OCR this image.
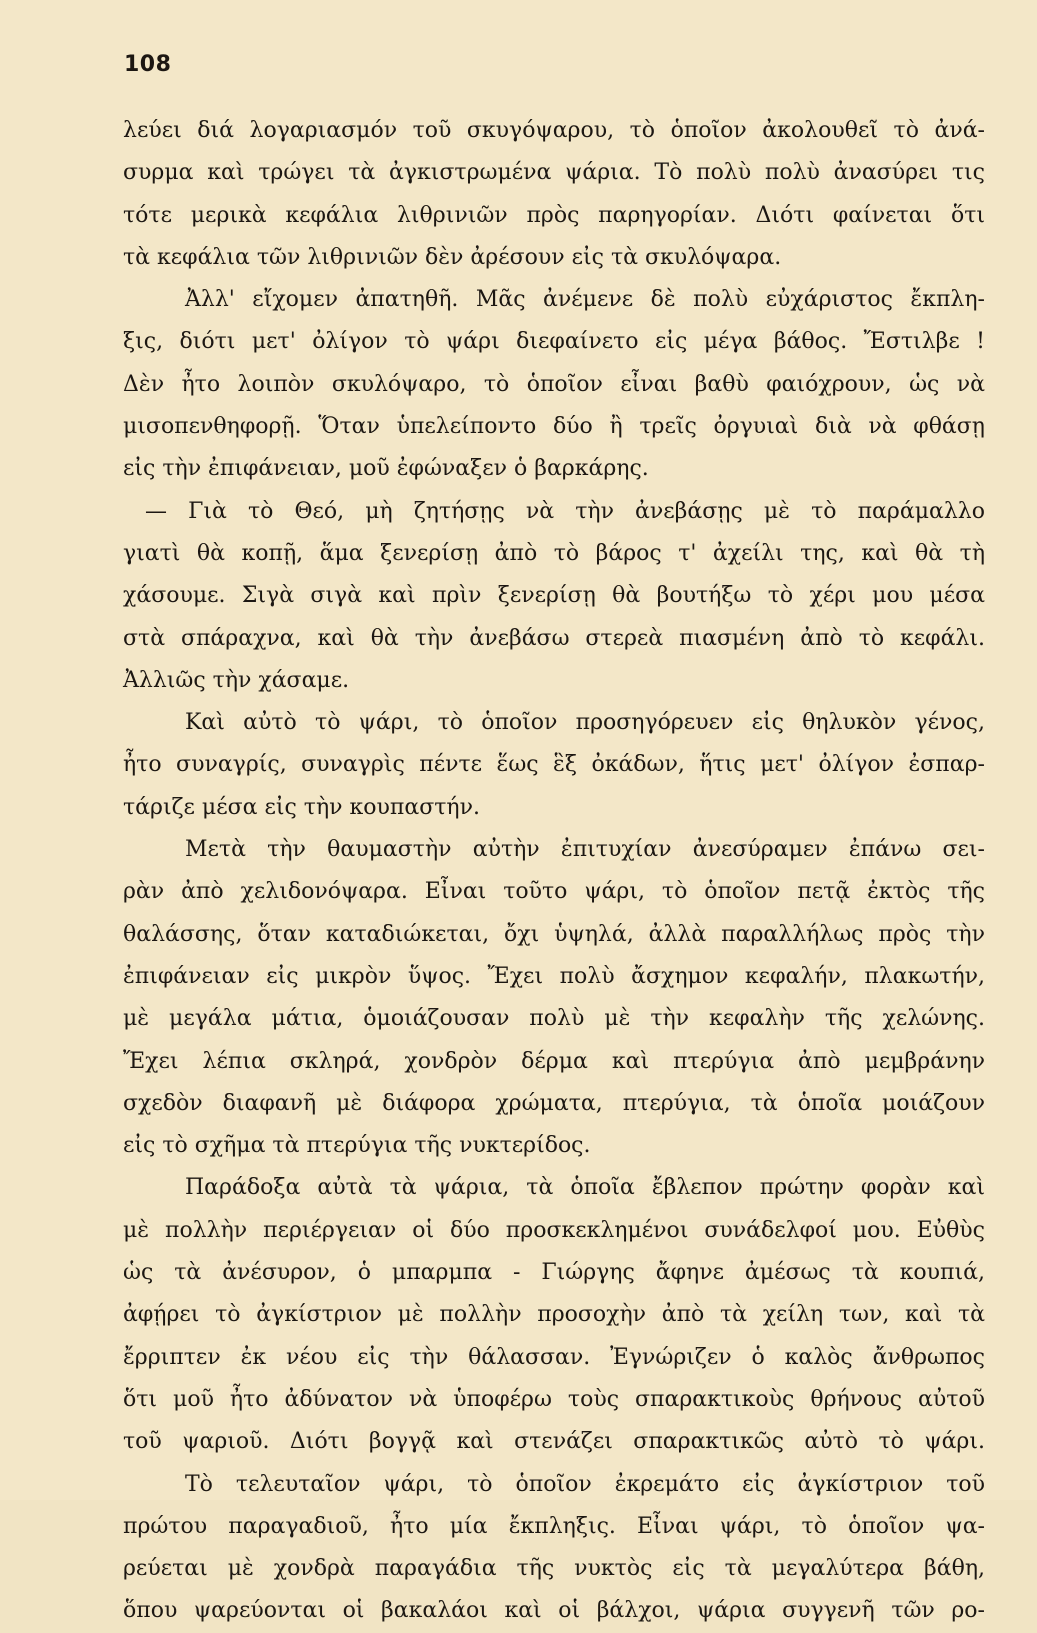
108
λεύει διά λογαριασμόν τοῦ σκυγόψαρου, τὸ ὁποῖον ἀκολουθεῖ τὸ ἀνά-
συρμα καὶ τρώγει τὰ ἀγκιστρωμένα ψάρια. Τὸ πολὺ πολὺ ἀνασύρει τις
τότε μερικὰ κεφάλια λιθρινιῶν πρὸς παρηγορίαν. Διότι φαίνεται ὅτι
τὰ κεφάλια τῶν λιθρινιῶν δὲν ἀρέσουν εἰς τὰ σκυλόψαρα.
Ἀλλ' εἴχομεν ἀπατηθῆ. Μᾶς ἀνέμενε δὲ πολὺ εὐχάριστος ἔκπλη-
ξις, διότι μετ' ὀλίγον τὸ ψάρι διεφαίνετο εἰς μέγα βάθος. Ἔστιλβε !
Δὲν ἦτο λοιπὸν σκυλόψαρο, τὸ ὁποῖον εἶναι βαθὺ φαιόχρουν, ὡς νὰ
μισοπενθηφορῇ. Ὅταν ὑπελείποντο δύο ἢ τρεῖς ὀργυιαὶ διὰ νὰ φθάσῃ
εἰς τὴν ἐπιφάνειαν, μοῦ ἐφώναξεν ὁ βαρκάρης.
— Γιὰ τὸ Θεό, μὴ ζητήσῃς νὰ τὴν ἀνεβάσῃς μὲ τὸ παράμαλλο
γιατὶ θὰ κοπῇ, ἅμα ξενερίσῃ ἀπὸ τὸ βάρος τ' ἀχείλι της, καὶ θὰ τὴ
χάσουμε. Σιγὰ σιγὰ καὶ πρὶν ξενερίσῃ θὰ βουτήξω τὸ χέρι μου μέσα
στὰ σπάραχνα, καὶ θὰ τὴν ἀνεβάσω στερεὰ πιασμένη ἀπὸ τὸ κεφάλι.
Ἀλλιῶς τὴν χάσαμε.
Καὶ αὐτὸ τὸ ψάρι, τὸ ὁποῖον προσηγόρευεν εἰς θηλυκὸν γένος,
ἦτο συναγρίς, συναγρὶς πέντε ἕως ἓξ ὀκάδων, ἥτις μετ' ὀλίγον ἐσπαρ-
τάριζε μέσα εἰς τὴν κουπαστήν.
Μετὰ τὴν θαυμαστὴν αὐτὴν ἐπιτυχίαν ἀνεσύραμεν ἐπάνω σει-
ρὰν ἀπὸ χελιδονόψαρα. Εἶναι τοῦτο ψάρι, τὸ ὁποῖον πετᾷ ἐκτὸς τῆς
θαλάσσης, ὅταν καταδιώκεται, ὄχι ὑψηλά, ἀλλὰ παραλλήλως πρὸς τὴν
ἐπιφάνειαν εἰς μικρὸν ὕψος. Ἔχει πολὺ ἄσχημον κεφαλήν, πλακωτήν,
μὲ μεγάλα μάτια, ὁμοιάζουσαν πολὺ μὲ τὴν κεφαλὴν τῆς χελώνης.
Ἔχει λέπια σκληρά, χονδρὸν δέρμα καὶ πτερύγια ἀπὸ μεμβράνην
σχεδὸν διαφανῆ μὲ διάφορα χρώματα, πτερύγια, τὰ ὁποῖα μοιάζουν
εἰς τὸ σχῆμα τὰ πτερύγια τῆς νυκτερίδος.
Παράδοξα αὐτὰ τὰ ψάρια, τὰ ὁποῖα ἔβλεπον πρώτην φορὰν καὶ
μὲ πολλὴν περιέργειαν οἱ δύο προσκεκλημένοι συνάδελφοί μου. Εὐθὺς
ὡς τὰ ἀνέσυρον, ὁ μπαρμπα - Γιώργης ἄφηνε ἀμέσως τὰ κουπιά,
ἀφῄρει τὸ ἀγκίστριον μὲ πολλὴν προσοχὴν ἀπὸ τὰ χείλη των, καὶ τὰ
ἔρριπτεν ἐκ νέου εἰς τὴν θάλασσαν. Ἐγνώριζεν ὁ καλὸς ἄνθρωπος
ὅτι μοῦ ἦτο ἀδύνατον νὰ ὑποφέρω τοὺς σπαρακτικοὺς θρήνους αὐτοῦ
τοῦ ψαριοῦ. Διότι βογγᾷ καὶ στενάζει σπαρακτικῶς αὐτὸ τὸ ψάρι.
Τὸ τελευταῖον ψάρι, τὸ ὁποῖον ἐκρεμάτο εἰς ἀγκίστριον τοῦ
πρώτου παραγαδιοῦ, ἦτο μία ἔκπληξις. Εἶναι ψάρι, τὸ ὁποῖον ψα-
ρεύεται μὲ χονδρὰ παραγάδια τῆς νυκτὸς εἰς τὰ μεγαλύτερα βάθη,
ὅπου ψαρεύονται οἱ βακαλάοι καὶ οἱ βάλχοι, ψάρια συγγενῆ τῶν ρο-
